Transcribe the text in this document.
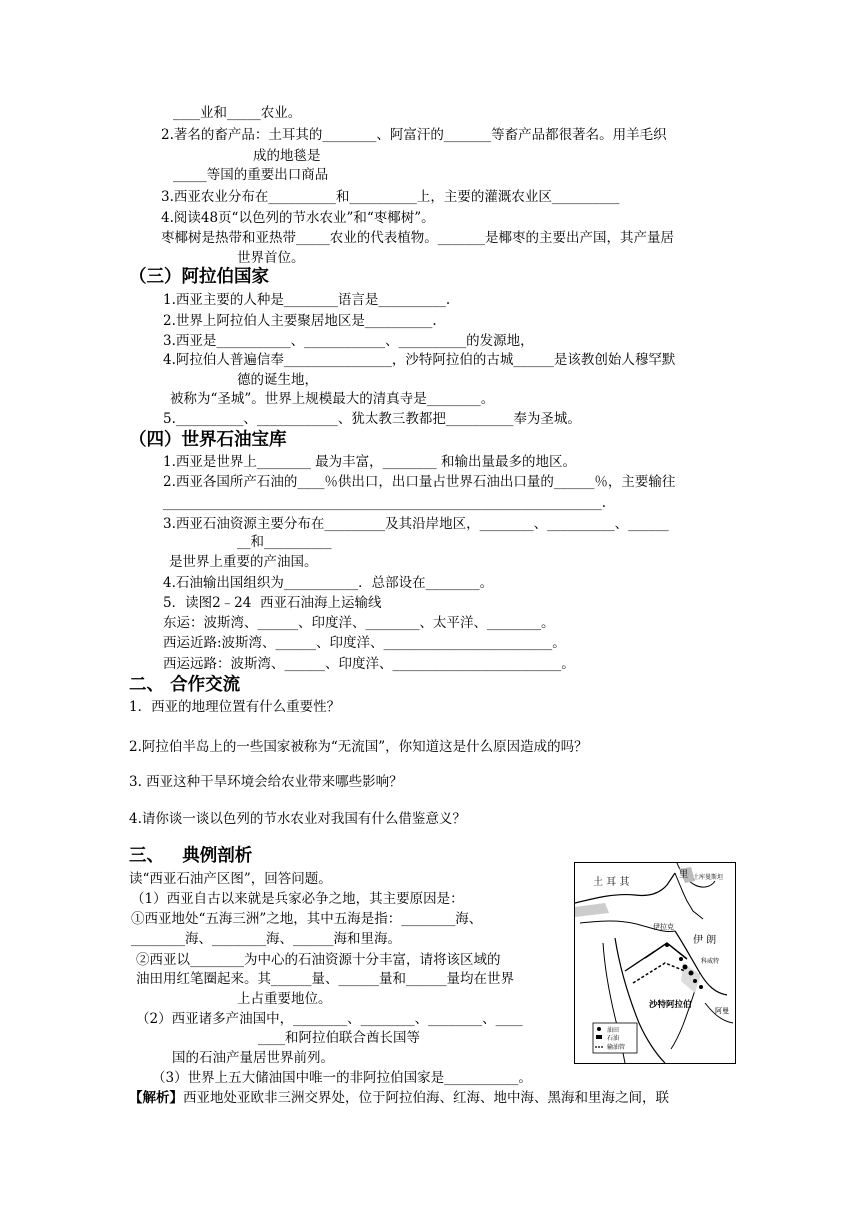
____业和_____农业。
2.著名的畜产品：土耳其的________、阿富汗的_______等畜产品都很著名。用羊毛织
成的地毯是
_____等国的重要出口商品
3.西亚农业分布在__________和__________上，主要的灌溉农业区__________
4.阅读48页“以色列的节水农业”和“枣椰树”。
枣椰树是热带和亚热带_____农业的代表植物。_______是椰枣的主要出产国，其产量居
世界首位。
（三）阿拉伯国家
1.西亚主要的人种是________语言是__________.
2.世界上阿拉伯人主要聚居地区是__________.
3.西亚是___________、____________、__________的发源地，
4.阿拉伯人普遍信奉________________，沙特阿拉伯的古城______是该教创始人穆罕默
德的诞生地，
被称为“圣城”。世界上规模最大的清真寺是________。
5.__________、____________、犹太教三教都把__________奉为圣城。
（四）世界石油宝库
1.西亚是世界上________ 最为丰富，________ 和输出量最多的地区。
2.西亚各国所产石油的____％供出口，出口量占世界石油出口量的______％，主要输往
_________________________________________________________________.
3.西亚石油资源主要分布在_________及其沿岸地区，________、__________、______
__和__________
是世界上重要的产油国。
4.石油输出国组织为___________．总部设在________。
5．读图2﹣24  西亚石油海上运输线
东运：波斯湾、______、印度洋、________、太平洋、________。
西运近路:波斯湾、______、印度洋、_________________________。
西运远路：波斯湾、______、印度洋、_________________________。
二、 合作交流
1．西亚的地理位置有什么重要性？
2.阿拉伯半岛上的一些国家被称为“无流国”，你知道这是什么原因造成的吗？
3. 西亚这种干旱环境会给农业带来哪些影响？
4.请你谈一谈以色列的节水农业对我国有什么借鉴意义？
三、   典例剖析
读“西亚石油产区图”，回答问题。
（1）西亚自古以来就是兵家必争之地，其主要原因是：
①西亚地处“五海三洲”之地，其中五海是指：________海、
________海、________海、______海和里海。
②西亚以________为中心的石油资源十分丰富，请将该区域的
油田用红笔圈起来。其______量、______量和______量均在世界
上占重要地位。
（2）西亚诸多产油国中，________、________、________、____
____和阿拉伯联合酋长国等
国的石油产量居世界前列。
（3）世界上五大储油国中唯一的非阿拉伯国家是___________。
【解析】西亚地处亚欧非三洲交界处，位于阿拉伯海、红海、地中海、黑海和里海之间，联
油田
石油
输油管
土 耳 其
里 土库曼斯坦
伊 朗
伊拉克
沙特阿拉伯
科威特
阿曼
